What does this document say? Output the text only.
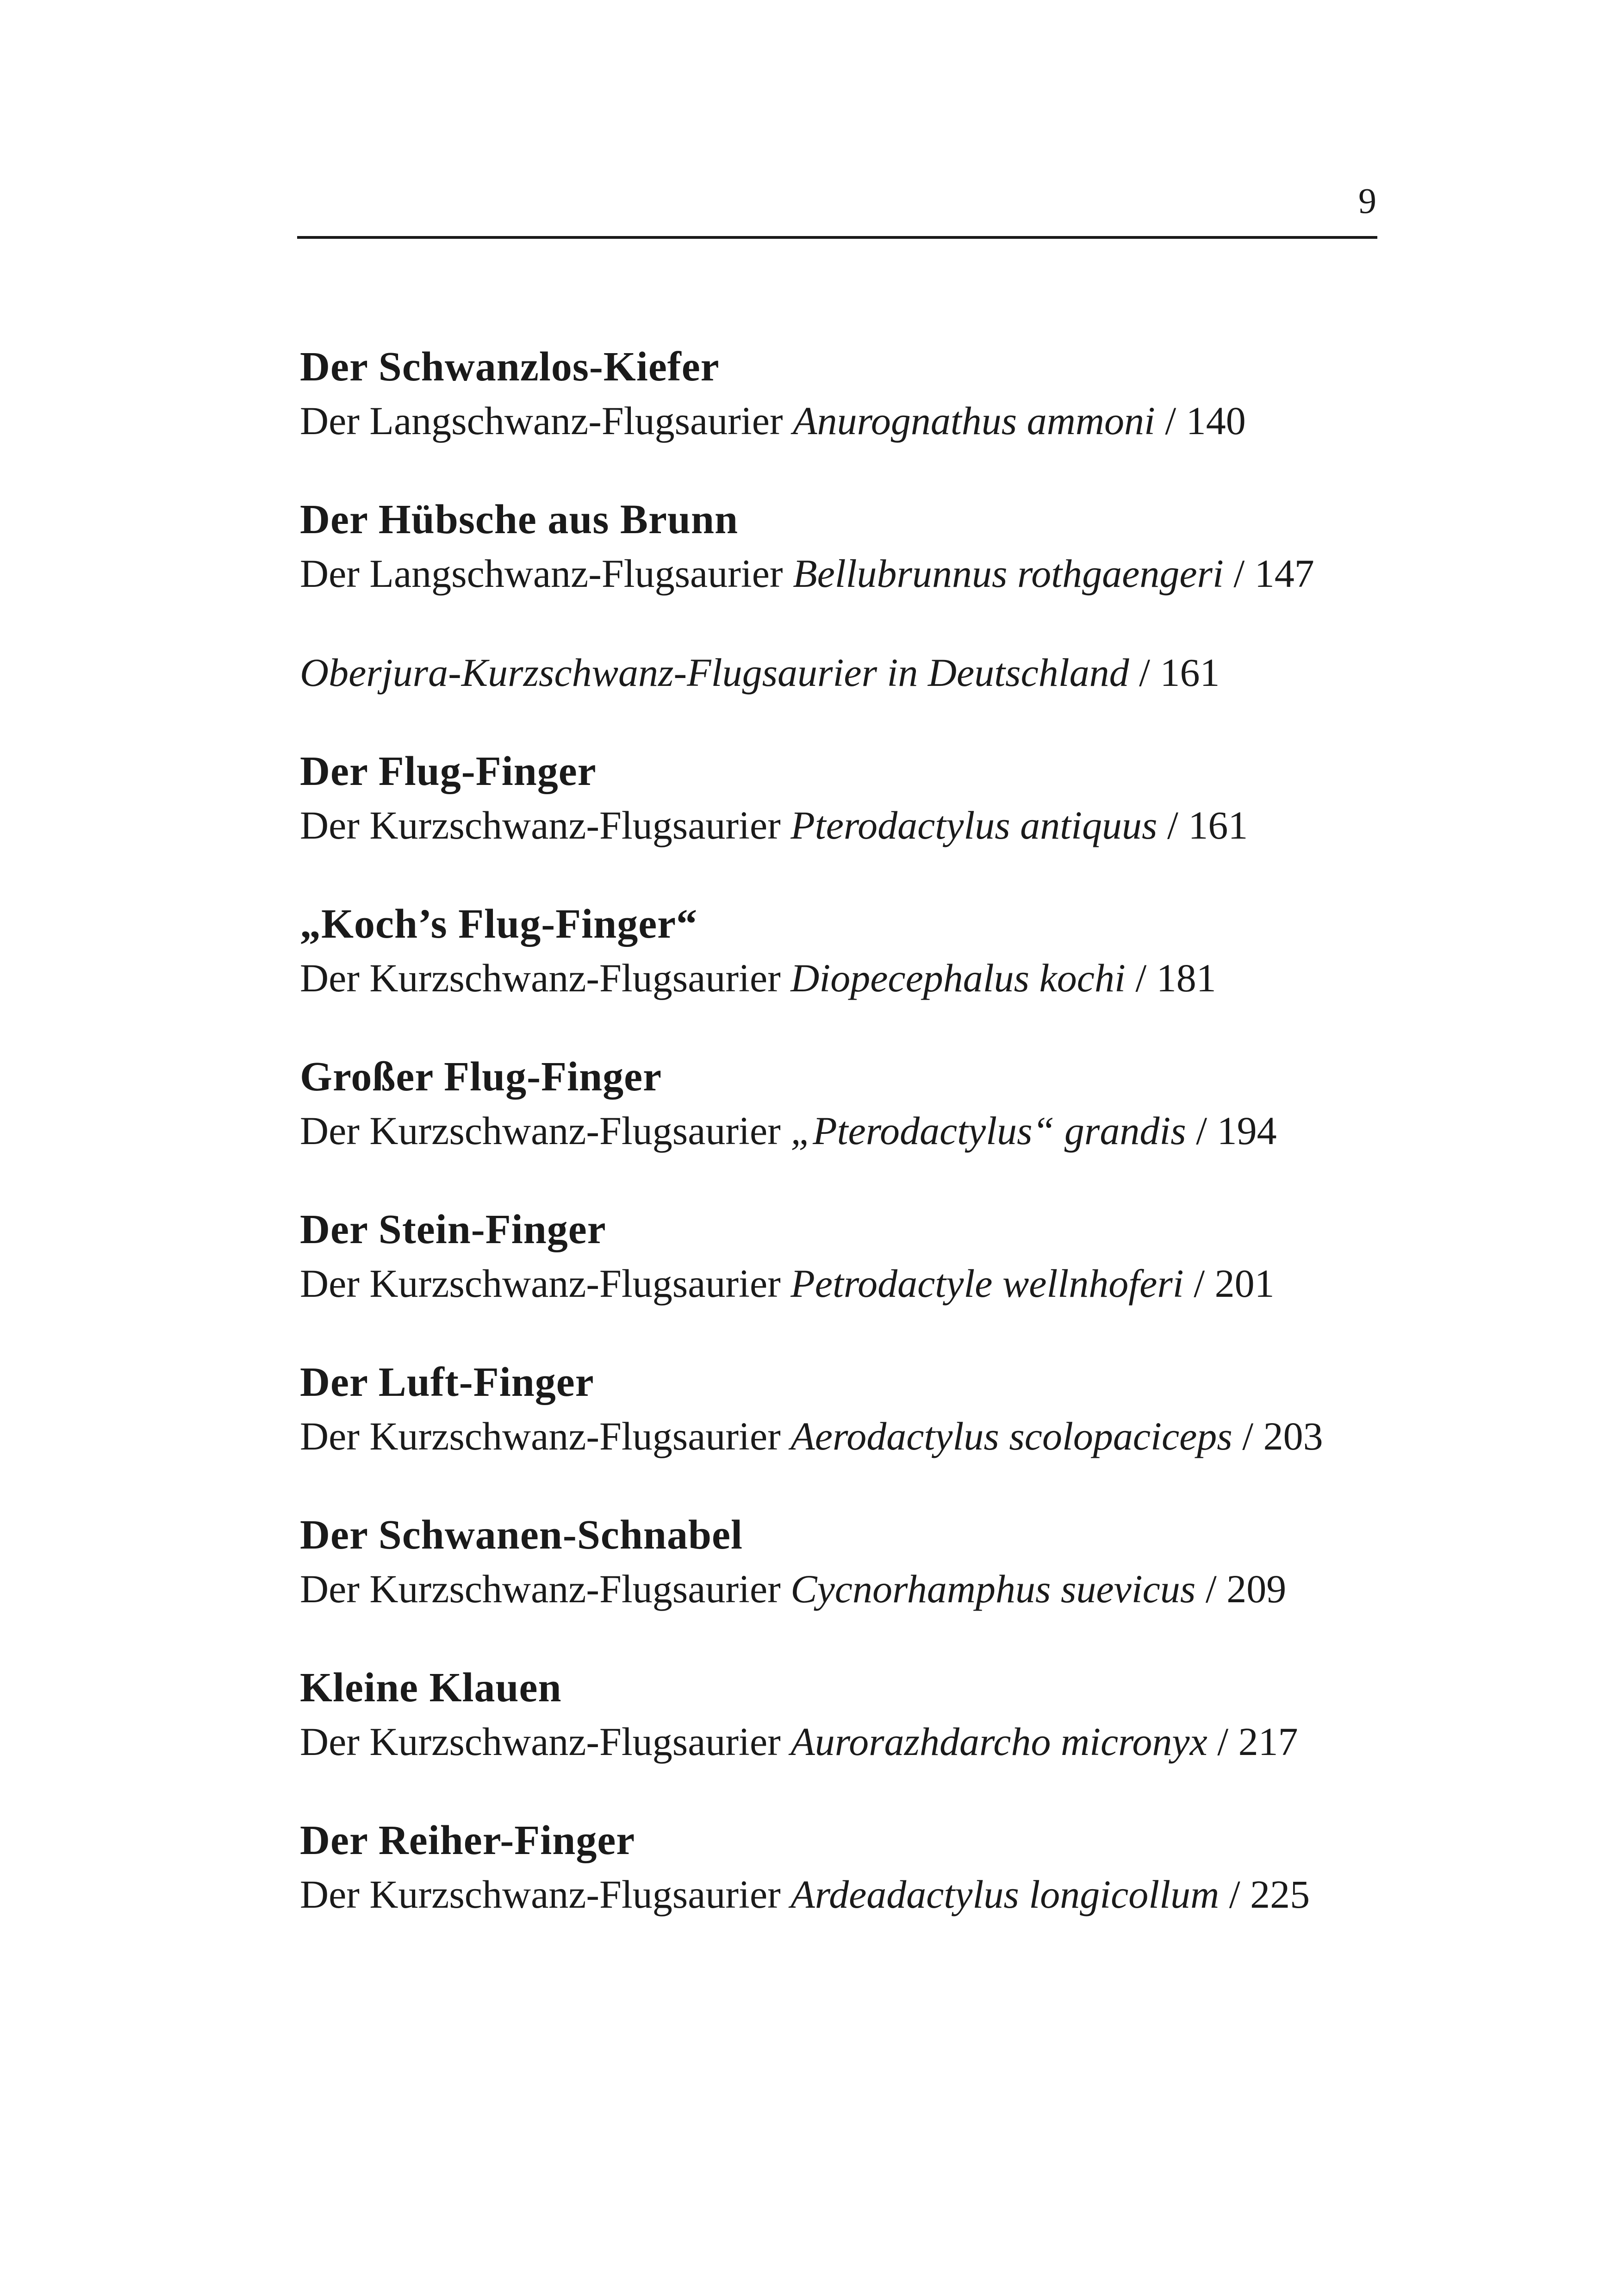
9
Der Schwanzlos-Kiefer
Der Langschwanz-Flugsaurier Anurognathus ammoni / 140
Der Hübsche aus Brunn
Der Langschwanz-Flugsaurier Bellubrunnus rothgaengeri / 147
Oberjura-Kurzschwanz-Flugsaurier in Deutschland / 161
Der Flug-Finger
Der Kurzschwanz-Flugsaurier Pterodactylus antiquus / 161
„Koch’s Flug-Finger“
Der Kurzschwanz-Flugsaurier Diopecephalus kochi / 181
Großer Flug-Finger
Der Kurzschwanz-Flugsaurier „Pterodactylus“ grandis / 194
Der Stein-Finger
Der Kurzschwanz-Flugsaurier Petrodactyle wellnhoferi / 201
Der Luft-Finger
Der Kurzschwanz-Flugsaurier Aerodactylus scolopaciceps / 203
Der Schwanen-Schnabel
Der Kurzschwanz-Flugsaurier Cycnorhamphus suevicus / 209
Kleine Klauen
Der Kurzschwanz-Flugsaurier Aurorazhdarcho micronyx / 217
Der Reiher-Finger
Der Kurzschwanz-Flugsaurier Ardeadactylus longicollum / 225
